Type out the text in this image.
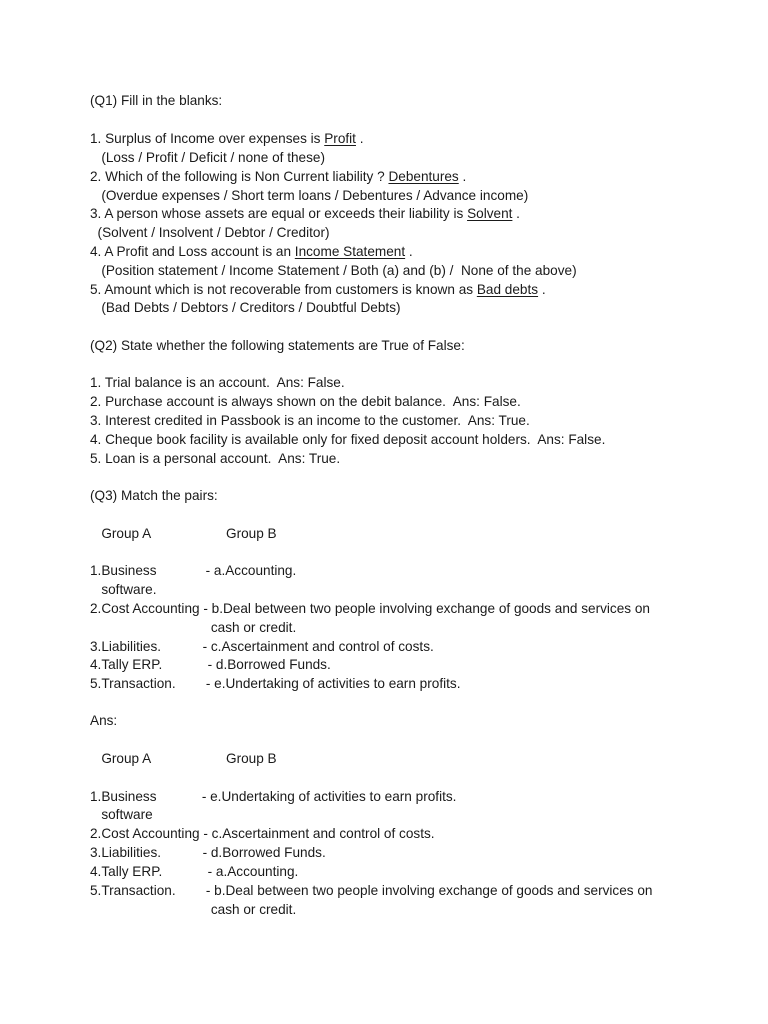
(Q1) Fill in the blanks:
1. Surplus of Income over expenses is Profit .
(Loss / Profit / Deficit / none of these)
2. Which of the following is Non Current liability ? Debentures .
(Overdue expenses / Short term loans / Debentures / Advance income)
3. A person whose assets are equal or exceeds their liability is Solvent .
(Solvent / Insolvent / Debtor / Creditor)
4. A Profit and Loss account is an Income Statement .
(Position statement / Income Statement / Both (a) and (b) /  None of the above)
5. Amount which is not recoverable from customers is known as Bad debts .
(Bad Debts / Debtors / Creditors / Doubtful Debts)
(Q2) State whether the following statements are True of False:
1. Trial balance is an account.  Ans: False.
2. Purchase account is always shown on the debit balance.  Ans: False.
3. Interest credited in Passbook is an income to the customer.  Ans: True.
4. Cheque book facility is available only for fixed deposit account holders.  Ans: False.
5. Loan is a personal account.  Ans: True.
(Q3) Match the pairs:
Group A                    Group B
1.Business             - a.Accounting.
software.
2.Cost Accounting - b.Deal between two people involving exchange of goods and services on
cash or credit.
3.Liabilities.           - c.Ascertainment and control of costs.
4.Tally ERP.            - d.Borrowed Funds.
5.Transaction.        - e.Undertaking of activities to earn profits.
Ans:
Group A                    Group B
1.Business            - e.Undertaking of activities to earn profits.
software
2.Cost Accounting - c.Ascertainment and control of costs.
3.Liabilities.           - d.Borrowed Funds.
4.Tally ERP.            - a.Accounting.
5.Transaction.        - b.Deal between two people involving exchange of goods and services on
cash or credit.
